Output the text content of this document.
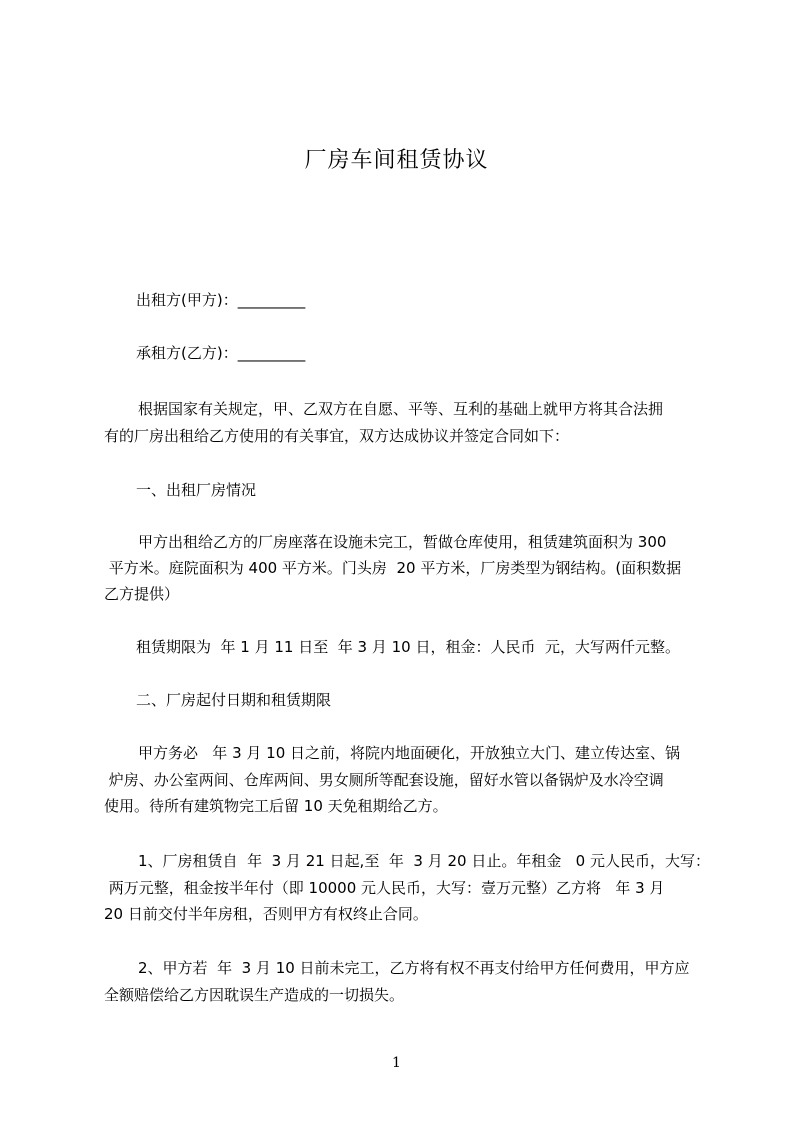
厂房车间租赁协议

出租方(甲方)：_________

承租方(乙方)：_________

根据国家有关规定，甲、乙双方在自愿、平等、互利的基础上就甲方将其合法拥

有的厂房出租给乙方使用的有关事宜，双方达成协议并签定合同如下：

一、出租厂房情况

甲方出租给乙方的厂房座落在设施未完工，暂做仓库使用，租赁建筑面积为 300

平方米。庭院面积为 400 平方米。门头房  20 平方米，厂房类型为钢结构。(面积数据

乙方提供）

租赁期限为  年 1 月 11 日至  年 3 月 10 日，租金：人民币  元，大写两仟元整。

二、厂房起付日期和租赁期限

甲方务必   年 3 月 10 日之前，将院内地面硬化，开放独立大门、建立传达室、锅

炉房、办公室两间、仓库两间、男女厕所等配套设施，留好水管以备锅炉及水冷空调

使用。待所有建筑物完工后留 10 天免租期给乙方。

1、厂房租赁自  年  3 月 21 日起,至  年  3 月 20 日止。年租金   0 元人民币，大写：

两万元整，租金按半年付（即 10000 元人民币，大写：壹万元整）乙方将   年 3 月

20 日前交付半年房租，否则甲方有权终止合同。

2、甲方若  年  3 月 10 日前未完工，乙方将有权不再支付给甲方任何费用，甲方应

全额赔偿给乙方因耽误生产造成的一切损失。

1
